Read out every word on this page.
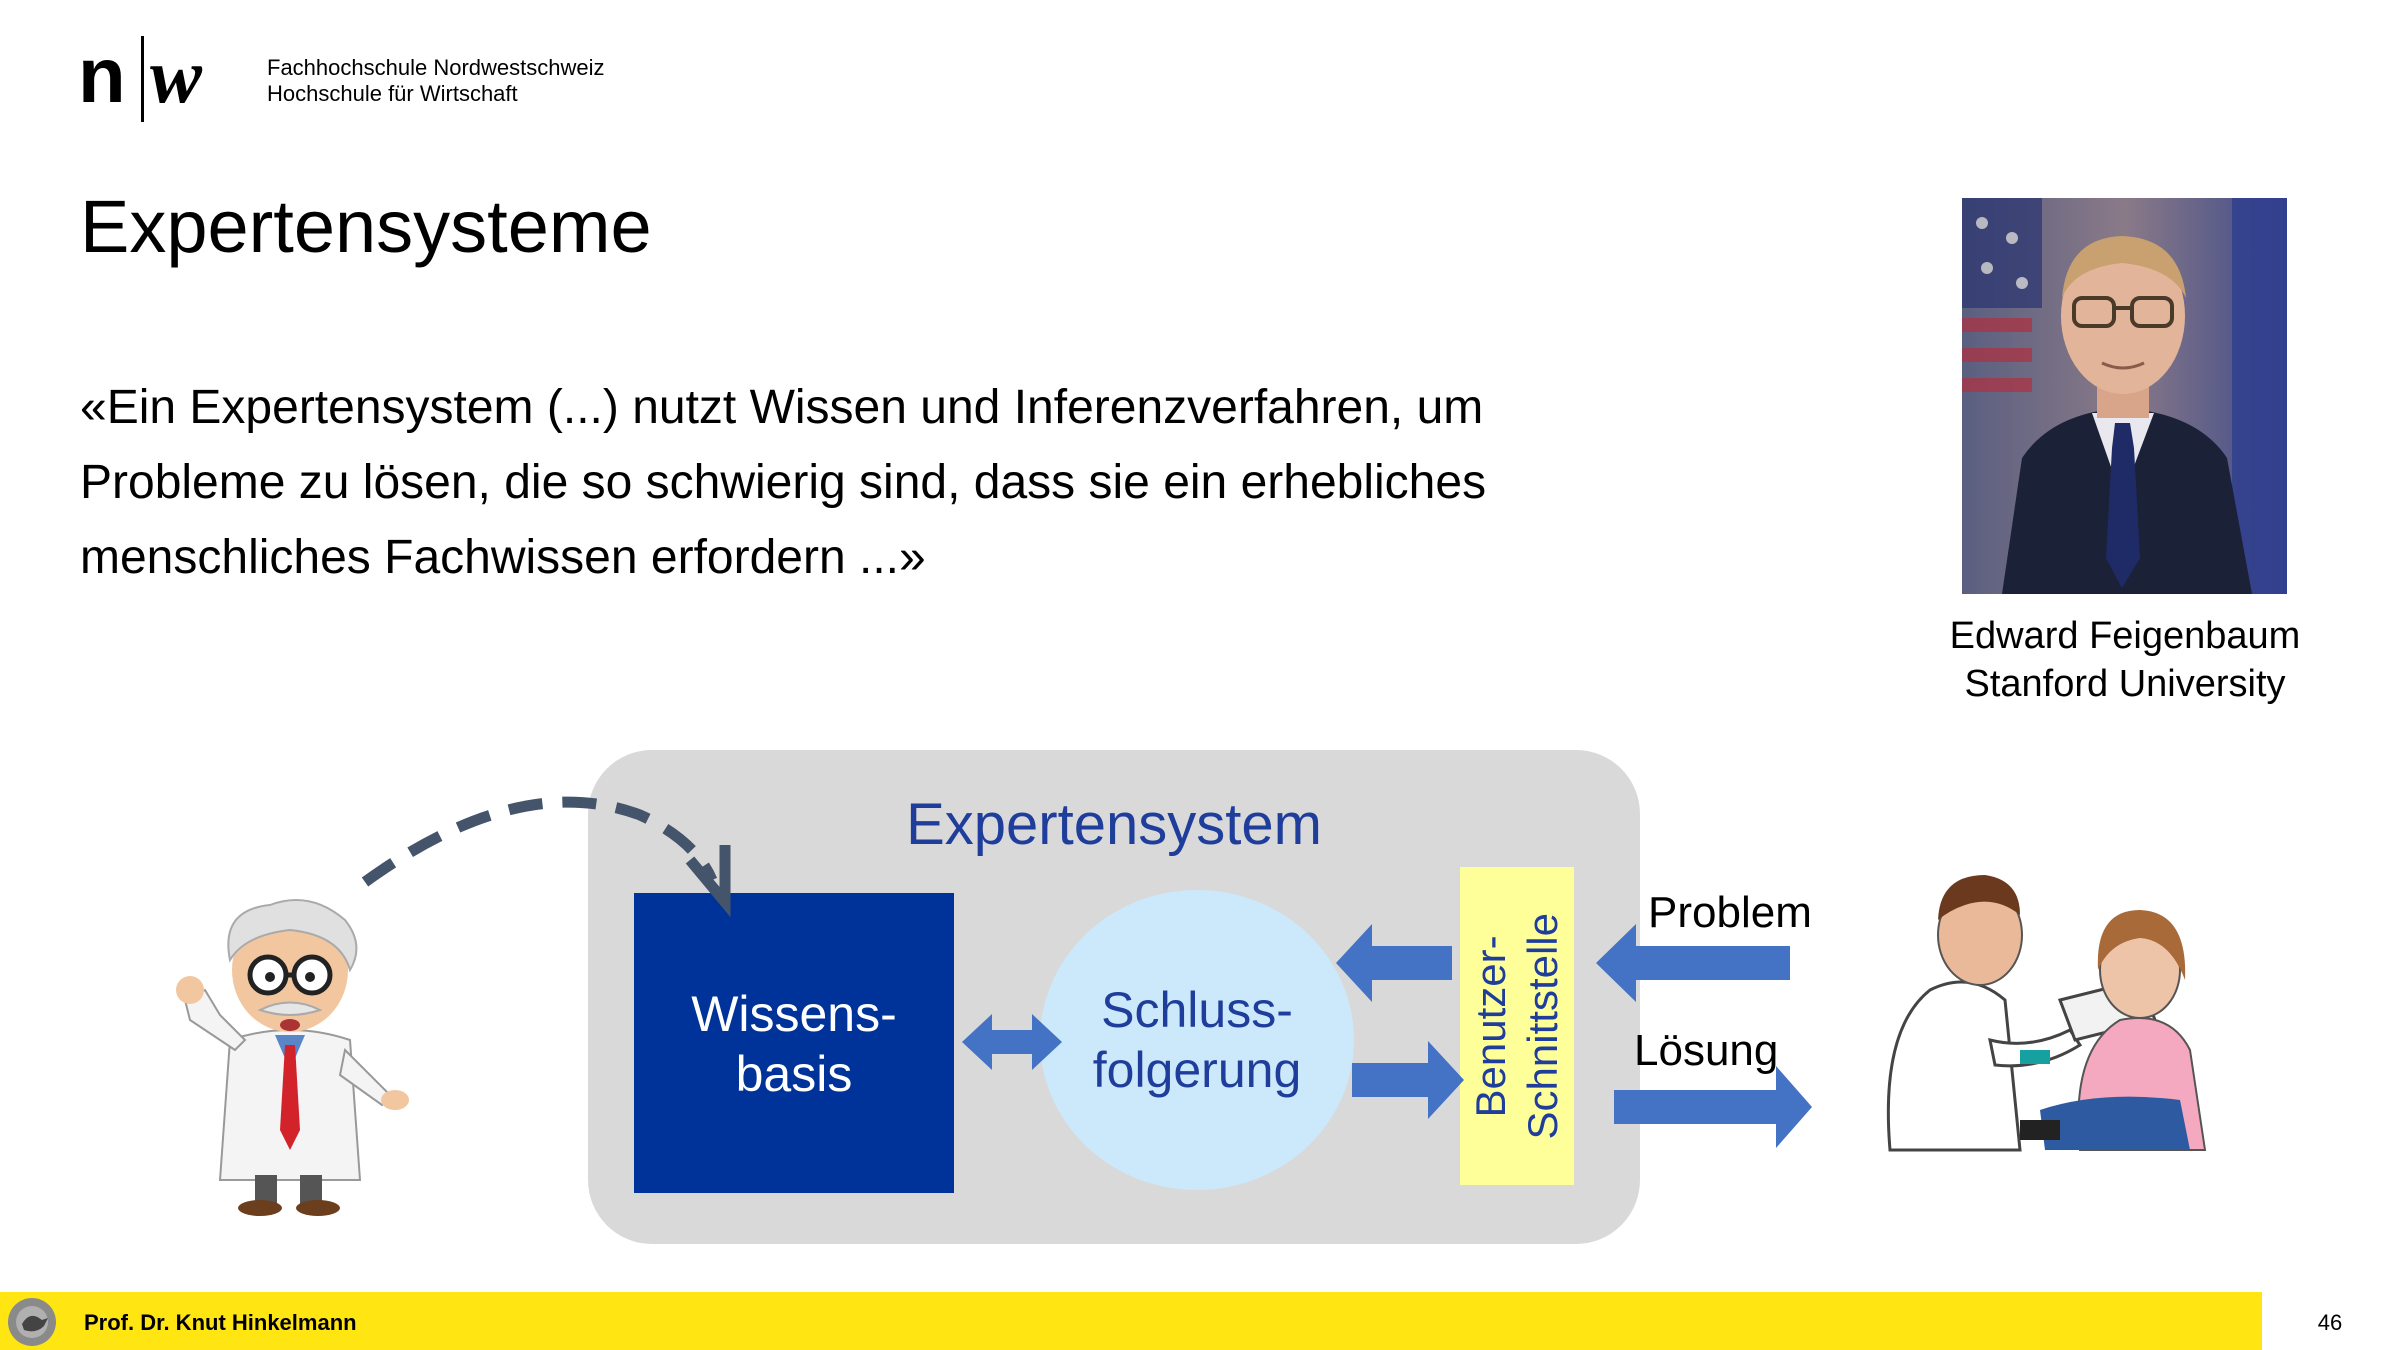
n w	Fachhochschule Nordwestschweiz
Hochschule für Wirtschaft
Expertensysteme
«Ein Expertensystem (...) nutzt Wissen und Inferenzverfahren, um
Probleme zu lösen, die so schwierig sind, dass sie ein erhebliches
menschliches Fachwissen erfordern ...»
Edward Feigenbaum
Stanford University
Expertensystem
Wissens-
basis
Schluss-
folgerung	Benutzer-
Schnittstelle
Problem
Lösung
Prof. Dr. Knut Hinkelmann	46
